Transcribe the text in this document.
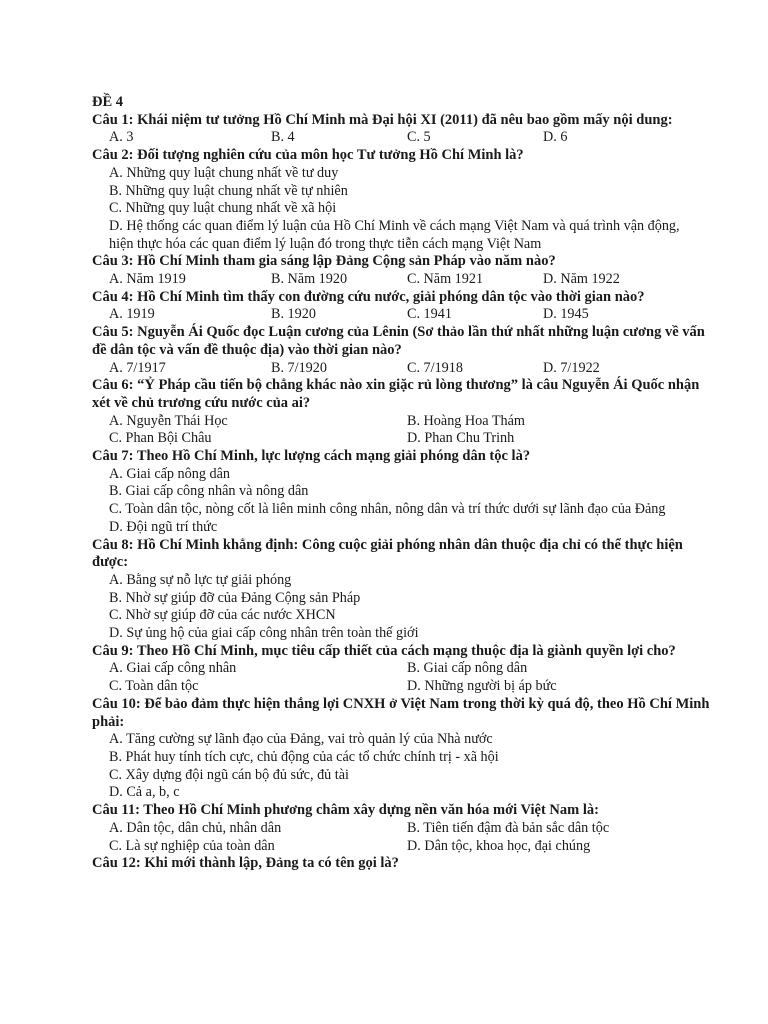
ĐỀ 4
Câu 1: Khái niệm tư tưởng Hồ Chí Minh mà Đại hội XI (2011) đã nêu bao gồm mấy nội dung:
A. 3	B. 4	C. 5	D. 6
Câu 2: Đối tượng nghiên cứu của môn học Tư tưởng Hồ Chí Minh là?
A. Những quy luật chung nhất về tư duy
B. Những quy luật chung nhất về tự nhiên
C. Những quy luật chung nhất về xã hội
D. Hệ thống các quan điểm lý luận của Hồ Chí Minh về cách mạng Việt Nam và quá trình vận động, hiện thực hóa các quan điểm lý luận đó trong thực tiễn cách mạng Việt Nam
Câu 3: Hồ Chí Minh tham gia sáng lập Đảng Cộng sản Pháp vào năm nào?
A. Năm 1919	B. Năm 1920	C. Năm 1921	D. Năm 1922
Câu 4: Hồ Chí Minh tìm thấy con đường cứu nước, giải phóng dân tộc vào thời gian nào?
A. 1919	B. 1920	C. 1941	D. 1945
Câu 5: Nguyễn Ái Quốc đọc Luận cương của Lênin (Sơ thảo lần thứ nhất những luận cương về vấn đề dân tộc và vấn đề thuộc địa) vào thời gian nào?
A. 7/1917	B. 7/1920	C. 7/1918	D. 7/1922
Câu 6: “Ỷ Pháp cầu tiến bộ chẳng khác nào xin giặc rủ lòng thương” là câu Nguyễn Ái Quốc nhận xét về chủ trương cứu nước của ai?
A. Nguyễn Thái Học	B. Hoàng Hoa Thám
C. Phan Bội Châu	D. Phan Chu Trinh
Câu 7: Theo Hồ Chí Minh, lực lượng cách mạng giải phóng dân tộc là?
A. Giai cấp nông dân
B. Giai cấp công nhân và nông dân
C. Toàn dân tộc, nòng cốt là liên minh công nhân, nông dân và trí thức dưới sự lãnh đạo của Đảng
D. Đội ngũ trí thức
Câu 8: Hồ Chí Minh khẳng định: Công cuộc giải phóng nhân dân thuộc địa chỉ có thể thực hiện được:
A. Bằng sự nỗ lực tự giải phóng
B. Nhờ sự giúp đỡ của Đảng Cộng sản Pháp
C. Nhờ sự giúp đỡ của các nước XHCN
D. Sự ủng hộ của giai cấp công nhân trên toàn thế giới
Câu 9: Theo Hồ Chí Minh, mục tiêu cấp thiết của cách mạng thuộc địa là giành quyền lợi cho?
A. Giai cấp công nhân	B. Giai cấp nông dân
C. Toàn dân tộc	D. Những người bị áp bức
Câu 10: Để bảo đảm thực hiện thắng lợi CNXH ở Việt Nam trong thời kỳ quá độ, theo Hồ Chí Minh phải:
A. Tăng cường sự lãnh đạo của Đảng, vai trò quản lý của Nhà nước
B. Phát huy tính tích cực, chủ động của các tổ chức chính trị - xã hội
C. Xây dựng đội ngũ cán bộ đủ sức, đủ tài
D. Cả a, b, c
Câu 11: Theo Hồ Chí Minh phương châm xây dựng nền văn hóa mới Việt Nam là:
A. Dân tộc, dân chủ, nhân dân	B. Tiên tiến đậm đà bản sắc dân tộc
C. Là sự nghiệp của toàn dân	D. Dân tộc, khoa học, đại chúng
Câu 12: Khi mới thành lập, Đảng ta có tên gọi là?
